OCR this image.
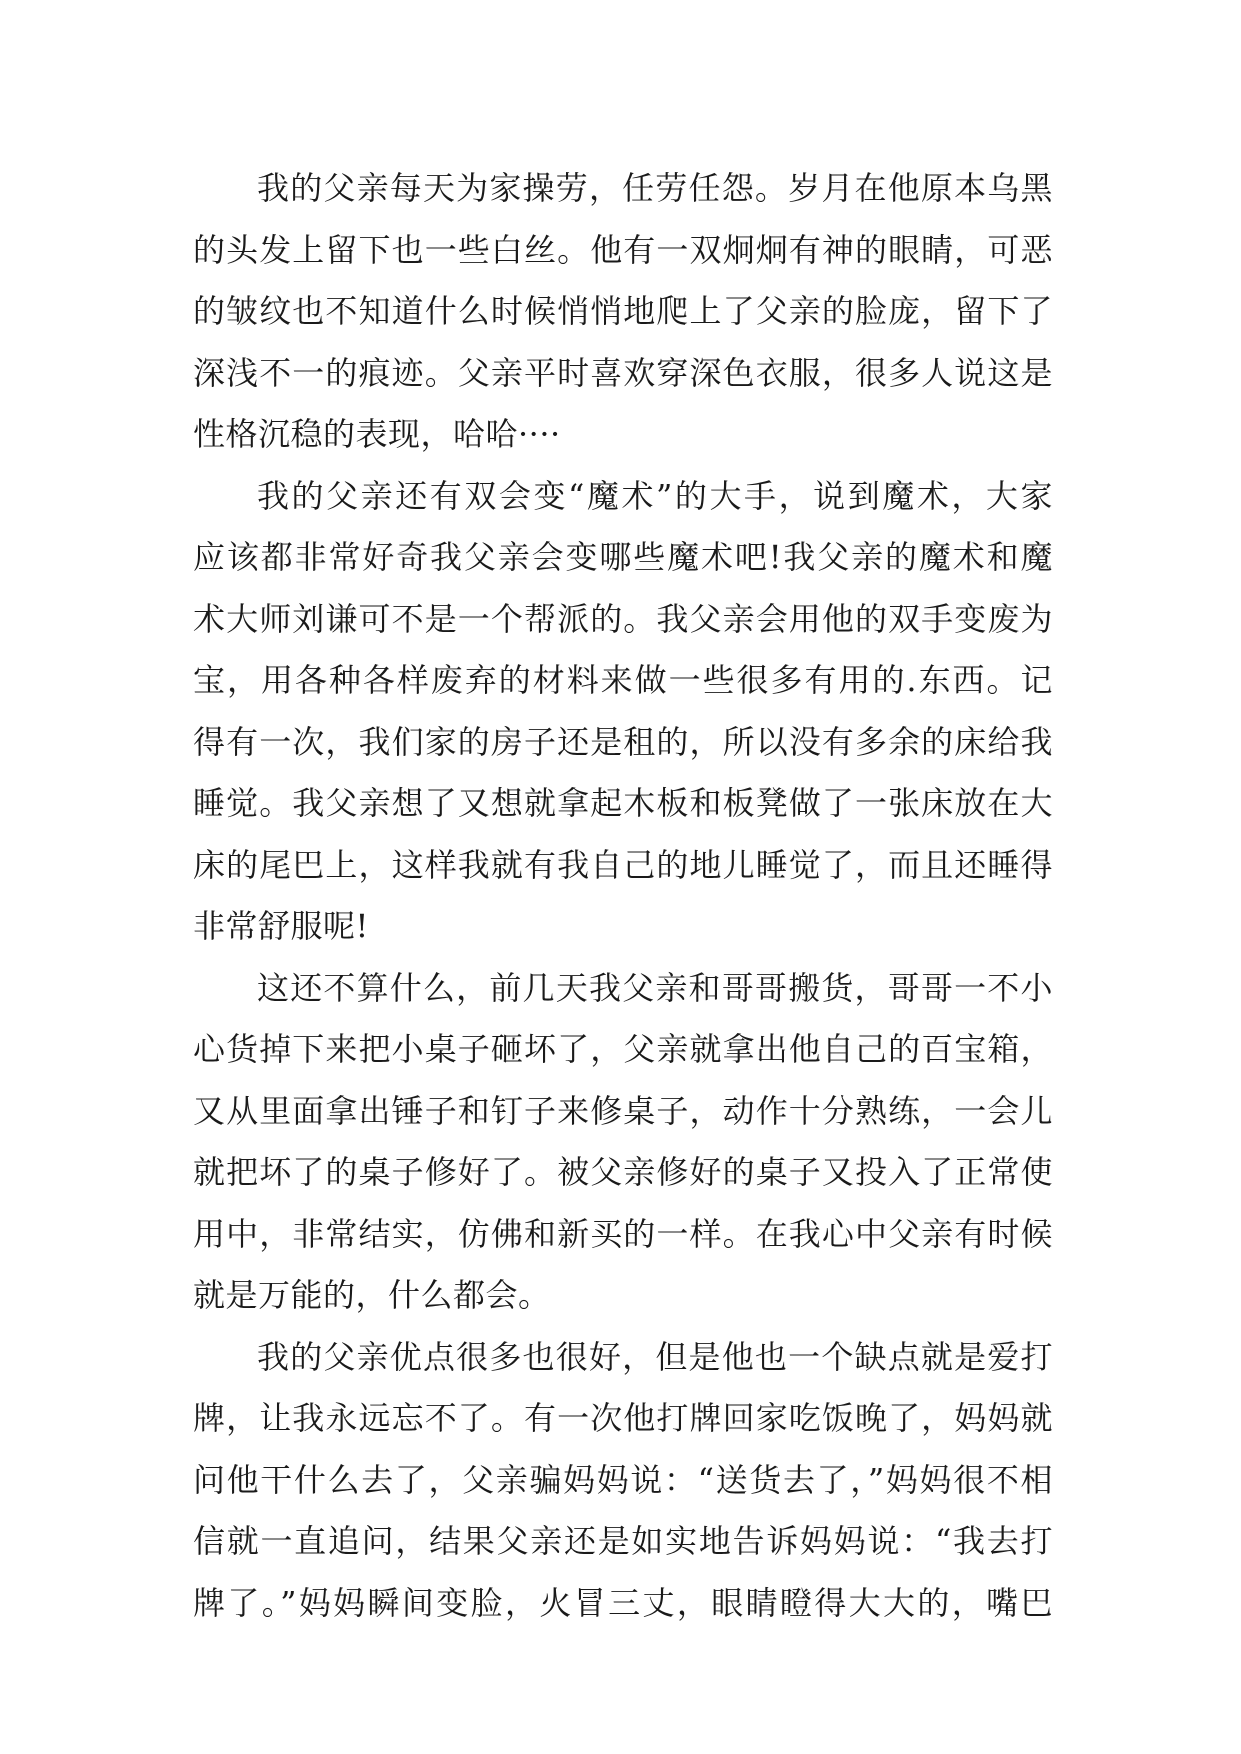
我的父亲每天为家操劳，任劳任怨。岁月在他原本乌黑
的头发上留下也一些白丝。他有一双炯炯有神的眼睛，可恶
的皱纹也不知道什么时候悄悄地爬上了父亲的脸庞，留下了
深浅不一的痕迹。父亲平时喜欢穿深色衣服，很多人说这是
性格沉稳的表现，哈哈····
我的父亲还有双会变“魔术”的大手，说到魔术，大家
应该都非常好奇我父亲会变哪些魔术吧!我父亲的魔术和魔
术大师刘谦可不是一个帮派的。我父亲会用他的双手变废为
宝，用各种各样废弃的材料来做一些很多有用的.东西。记
得有一次，我们家的房子还是租的，所以没有多余的床给我
睡觉。我父亲想了又想就拿起木板和板凳做了一张床放在大
床的尾巴上，这样我就有我自己的地儿睡觉了，而且还睡得
非常舒服呢!
这还不算什么，前几天我父亲和哥哥搬货，哥哥一不小
心货掉下来把小桌子砸坏了，父亲就拿出他自己的百宝箱，
又从里面拿出锤子和钉子来修桌子，动作十分熟练，一会儿
就把坏了的桌子修好了。被父亲修好的桌子又投入了正常使
用中，非常结实，仿佛和新买的一样。在我心中父亲有时候
就是万能的，什么都会。
我的父亲优点很多也很好，但是他也一个缺点就是爱打
牌，让我永远忘不了。有一次他打牌回家吃饭晚了，妈妈就
问他干什么去了，父亲骗妈妈说：“送货去了，”妈妈很不相
信就一直追问，结果父亲还是如实地告诉妈妈说：“我去打
牌了。”妈妈瞬间变脸，火冒三丈，眼睛瞪得大大的，嘴巴
